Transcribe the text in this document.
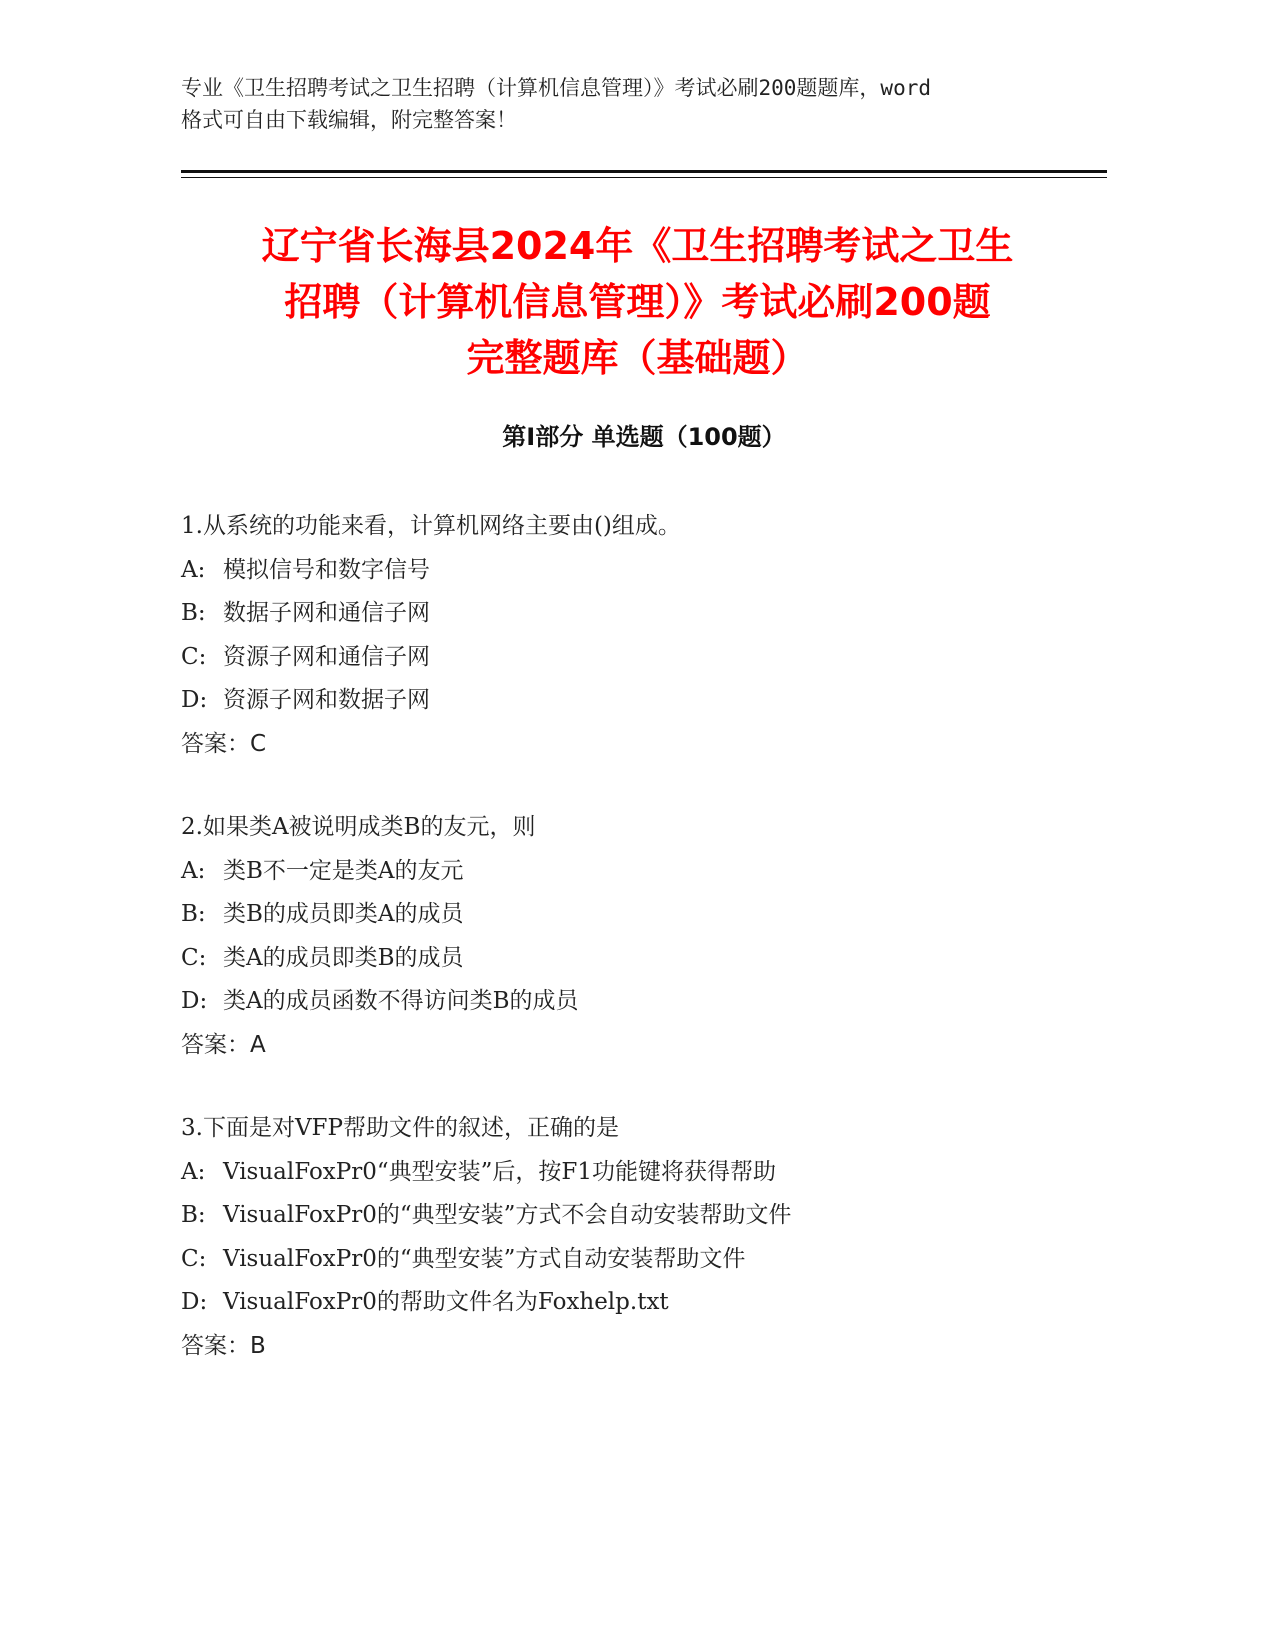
专业《卫生招聘考试之卫生招聘（计算机信息管理）》考试必刷200题题库，word
格式可自由下载编辑，附完整答案！
辽宁省长海县2024年《卫生招聘考试之卫生
招聘（计算机信息管理）》考试必刷200题
完整题库（基础题）
第Ⅰ部分 单选题（100题）
1.从系统的功能来看，计算机网络主要由()组成。
A: 模拟信号和数字信号
B: 数据子网和通信子网
C: 资源子网和通信子网
D: 资源子网和数据子网
答案：C
2.如果类A被说明成类B的友元，则
A: 类B不一定是类A的友元
B: 类B的成员即类A的成员
C: 类A的成员即类B的成员
D: 类A的成员函数不得访问类B的成员
答案：A
3.下面是对VFP帮助文件的叙述，正确的是
A: VisualFoxPr0“典型安装”后，按F1功能键将获得帮助
B: VisualFoxPr0的“典型安装”方式不会自动安装帮助文件
C: VisualFoxPr0的“典型安装”方式自动安装帮助文件
D: VisualFoxPr0的帮助文件名为Foxhelp.txt
答案：B
